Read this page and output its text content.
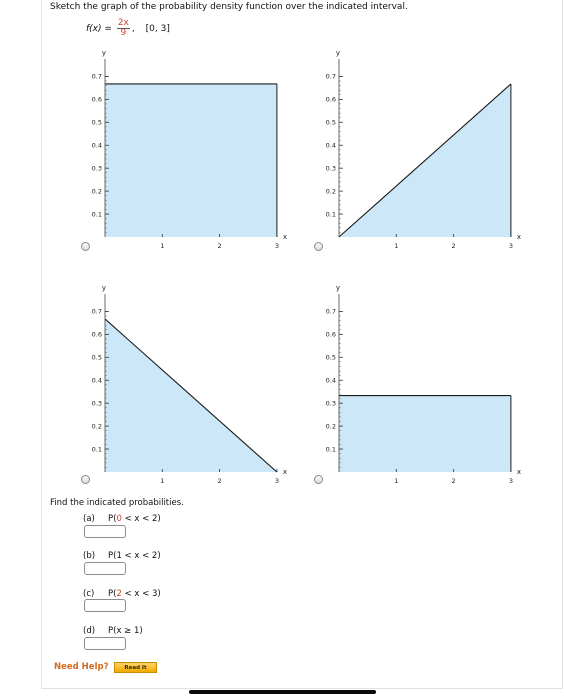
Sketch the graph of the probability density function over the indicated interval.
$f(x) = \frac{2x}{9}$ , [0, 3]
0.1
0.2
0.3
0.4
0.5
0.6
0.7
1	2	3
y
x
0.1
0.2
0.3
0.4
0.5
0.6
0.7
1	2	3
y
x
0.1
0.2
0.3
0.4
0.5
0.6
0.7
1	2	3
y
x
0.1
0.2
0.3
0.4
0.5
0.6
0.7
1	2	3
y
x
Find the indicated probabilities.
(a) P(0 < x < 2)
(b) P(1 < x < 2)
(c) P(2 < x < 3)
(d) P(x ≥ 1)
Need Help?	Read It
